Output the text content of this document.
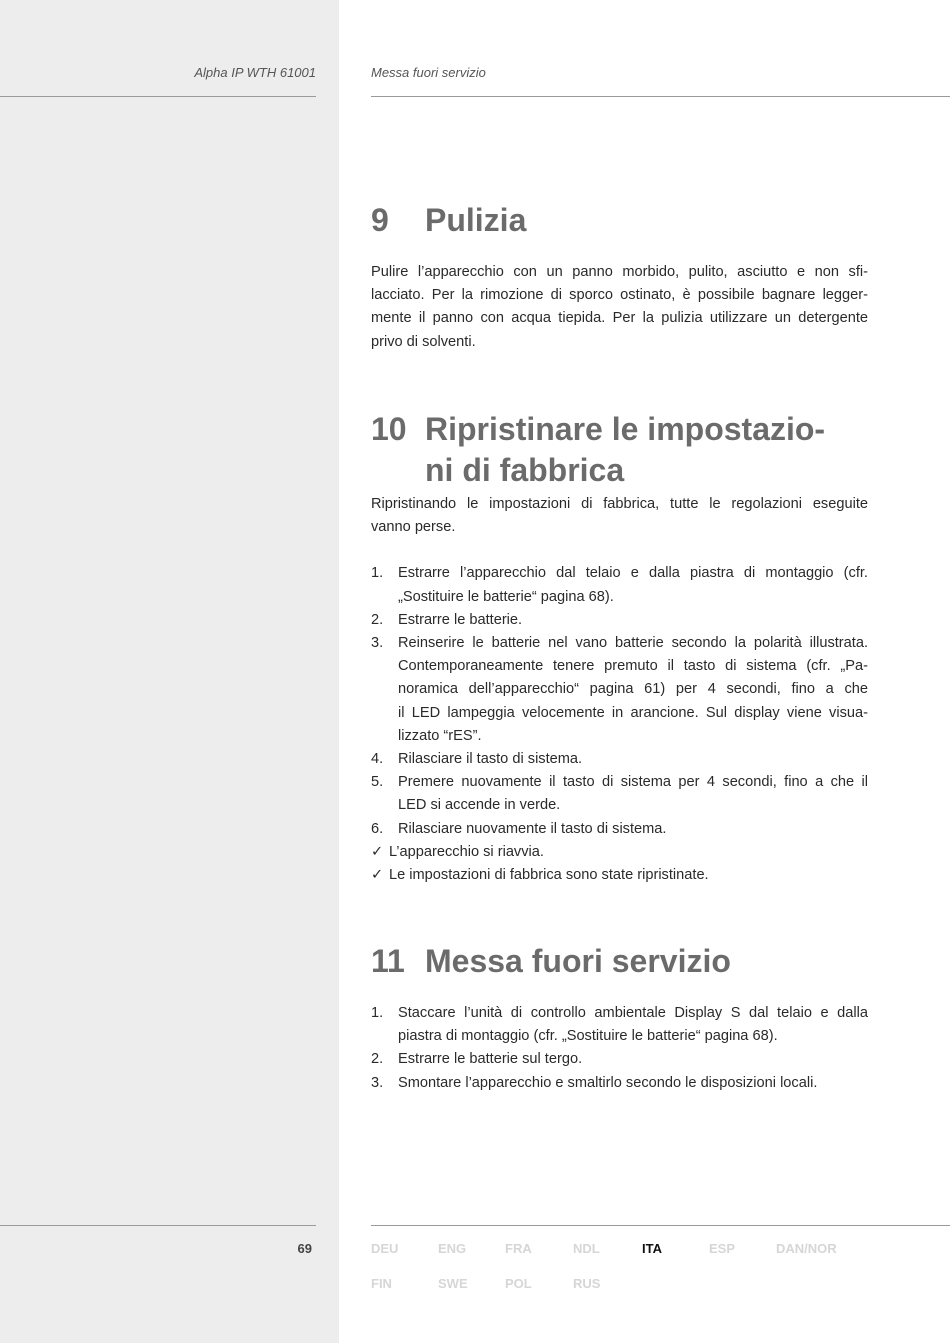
Alpha IP WTH 61001	Messa fuori servizio
9 Pulizia
Pulire l’apparecchio con un panno morbido, pulito, asciutto e non sfi-
lacciato. Per la rimozione di sporco ostinato, è possibile bagnare legger-
mente il panno con acqua tiepida. Per la pulizia utilizzare un detergente
privo di solventi.
10 Ripristinare le impostazio-
ni di fabbrica
Ripristinando le impostazioni di fabbrica, tutte le regolazioni eseguite
vanno perse.
1. Estrarre l’apparecchio dal telaio e dalla piastra di montaggio (cfr.
„Sostituire le batterie“ pagina 68).
2. Estrarre le batterie.
3. Reinserire le batterie nel vano batterie secondo la polarità illustrata.
Contemporaneamente tenere premuto il tasto di sistema (cfr. „Pa-
noramica dell’apparecchio“ pagina 61) per 4 secondi, fino a che
il LED lampeggia velocemente in arancione. Sul display viene visua-
lizzato “rES”.
4. Rilasciare il tasto di sistema.
5. Premere nuovamente il tasto di sistema per 4 secondi, fino a che il
LED si accende in verde.
6. Rilasciare nuovamente il tasto di sistema.
✓ L’apparecchio si riavvia.
✓ Le impostazioni di fabbrica sono state ripristinate.
11 Messa fuori servizio
1. Staccare l’unità di controllo ambientale Display S dal telaio e dalla
piastra di montaggio (cfr. „Sostituire le batterie“ pagina 68).
2. Estrarre le batterie sul tergo.
3. Smontare l’apparecchio e smaltirlo secondo le disposizioni locali.
69	DEU	ENG	FRA	NDL	ITA	ESP	DAN/NOR
FIN	SWE	POL	RUS
